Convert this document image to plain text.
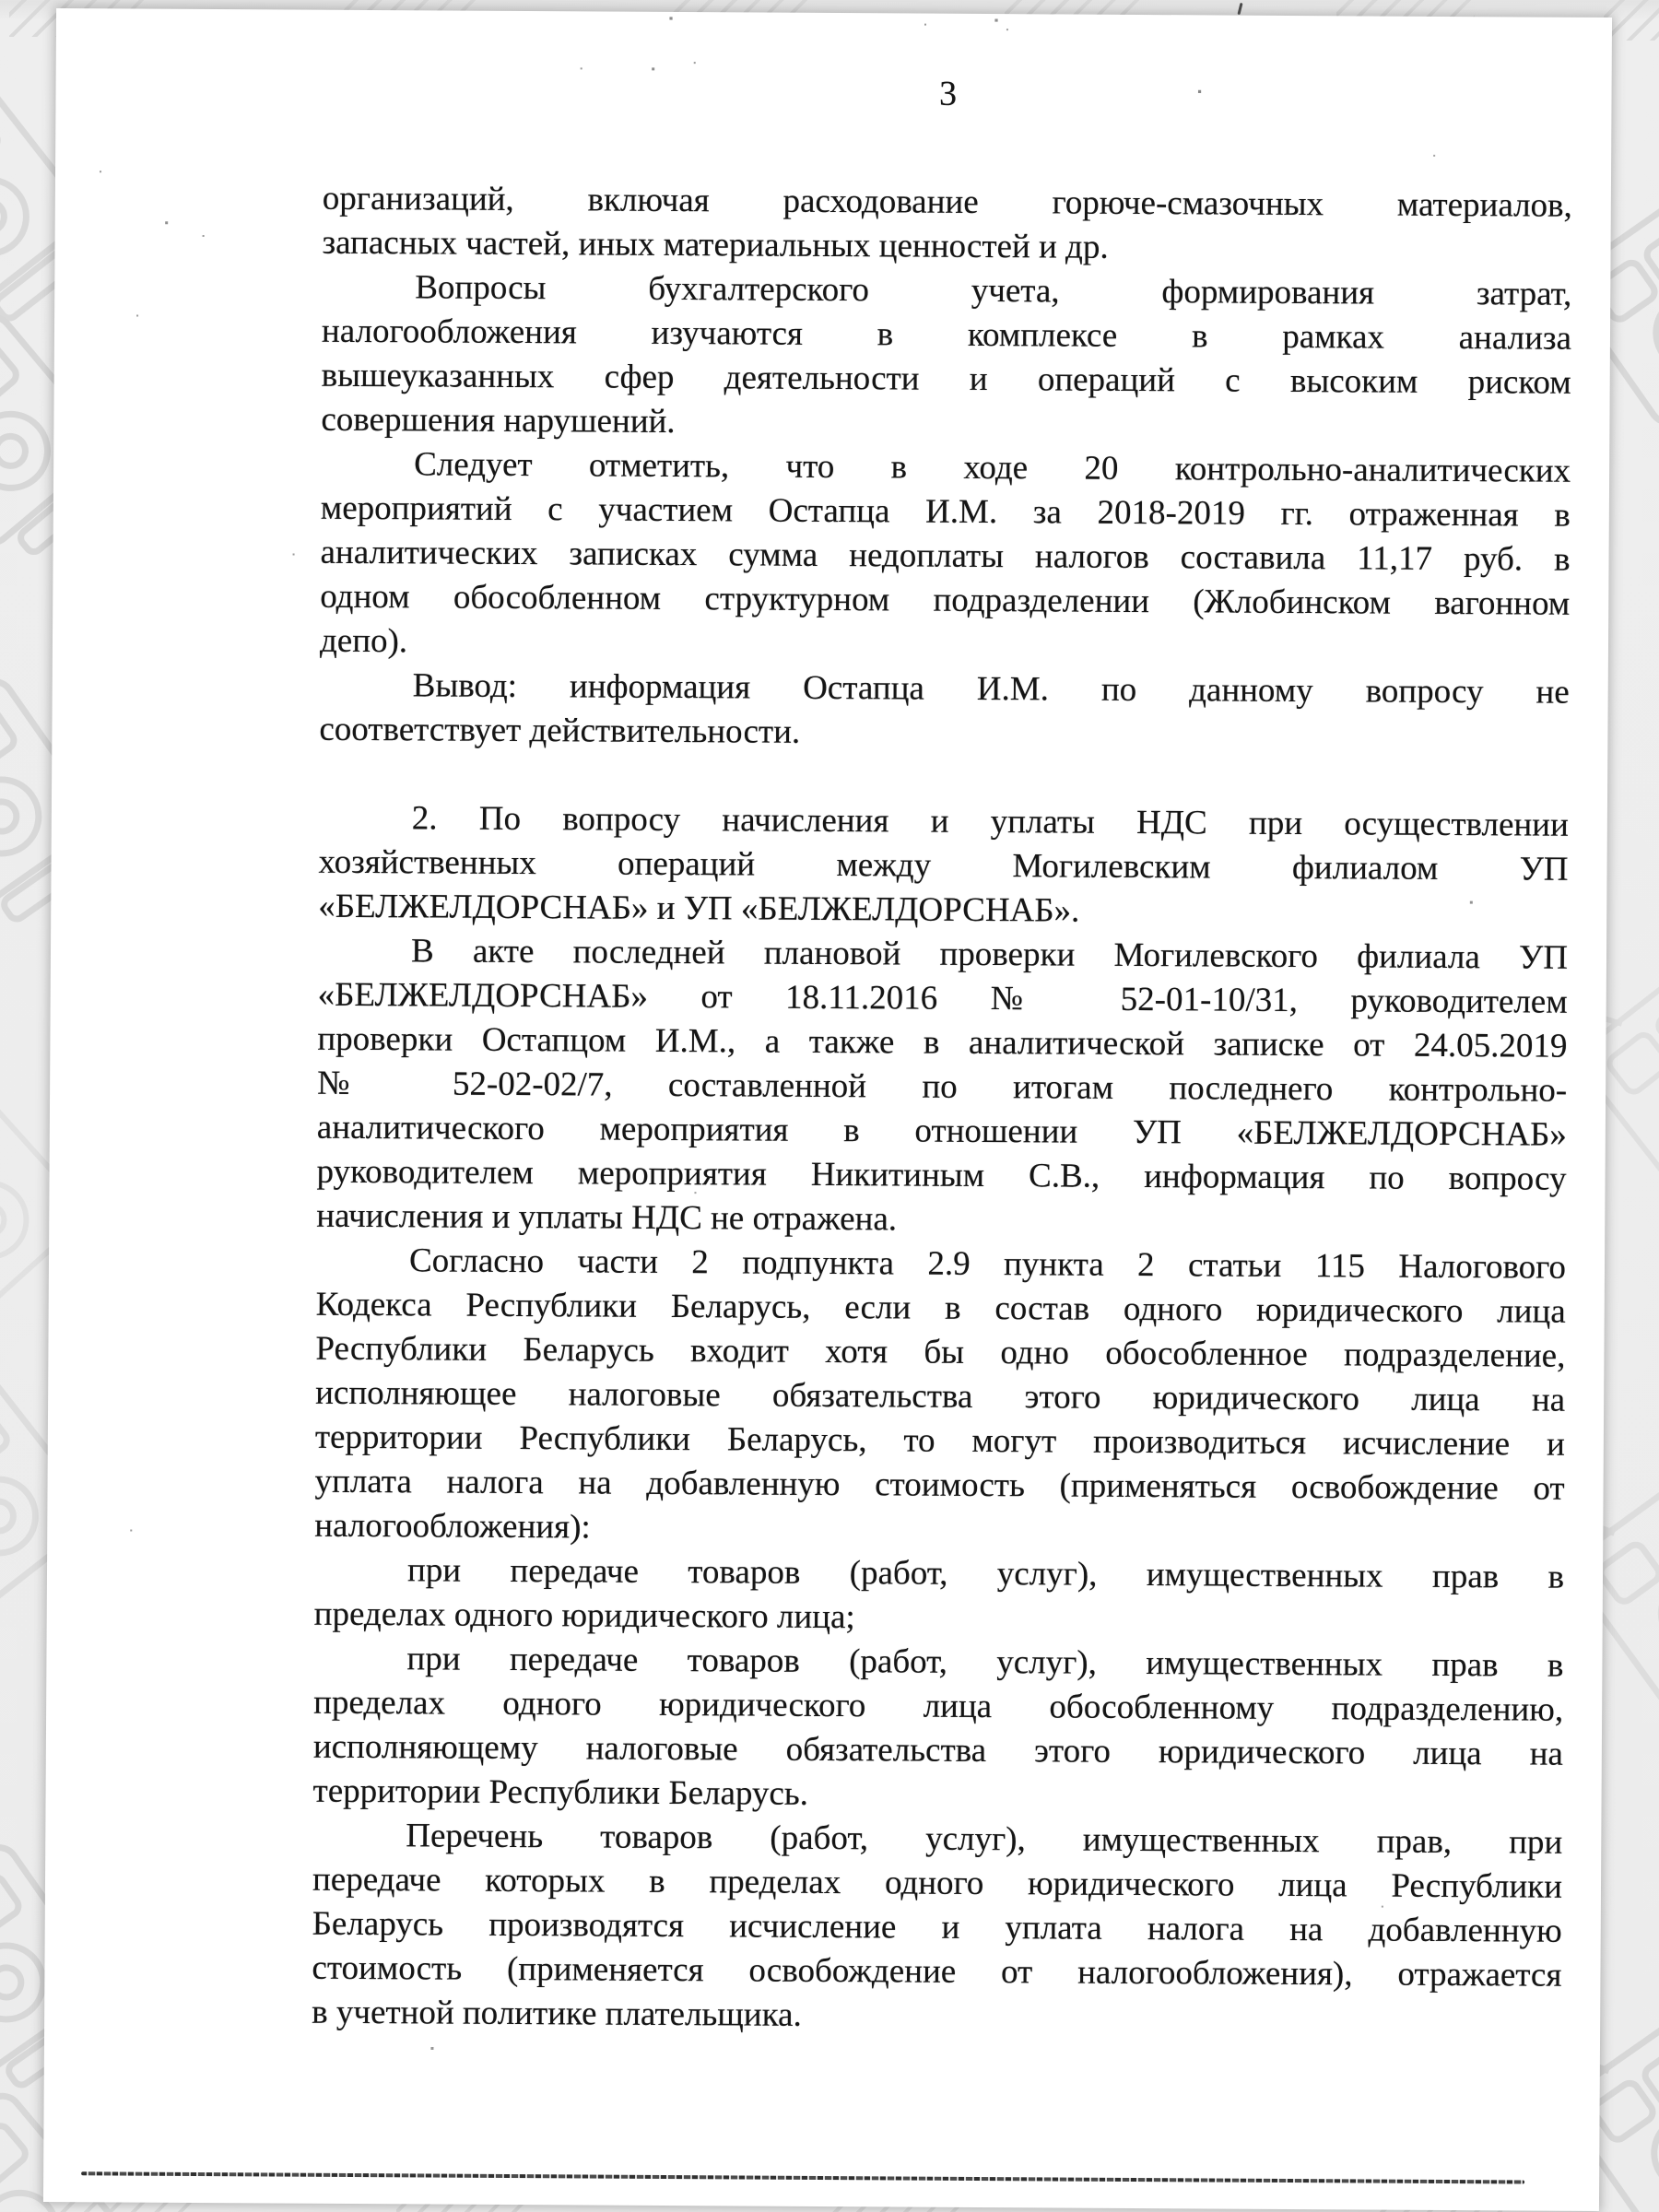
3
организаций, включая расходование горюче-смазочных материалов,
запасных частей, иных материальных ценностей и др.
Вопросы бухгалтерского учета, формирования затрат,
налогообложения изучаются в комплексе в рамках анализа
вышеуказанных сфер деятельности и операций с высоким риском
совершения нарушений.
Следует отметить, что в ходе 20 контрольно-аналитических
мероприятий с участием Остапца И.М. за 2018-2019 гг. отраженная в
аналитических записках сумма недоплаты налогов составила 11,17 руб. в
одном обособленном структурном подразделении (Жлобинском вагонном
депо).
Вывод: информация Остапца И.М. по данному вопросу не
соответствует действительности.
2. По вопросу начисления и уплаты НДС при осуществлении
хозяйственных операций между Могилевским филиалом УП
«БЕЛЖЕЛДОРСНАБ» и УП «БЕЛЖЕЛДОРСНАБ».
В акте последней плановой проверки Могилевского филиала УП
«БЕЛЖЕЛДОРСНАБ» от 18.11.2016 № 52-01-10/31, руководителем
проверки Остапцом И.М., а также в аналитической записке от 24.05.2019
№ 52-02-02/7, составленной по итогам последнего контрольно-
аналитического мероприятия в отношении УП «БЕЛЖЕЛДОРСНАБ»
руководителем мероприятия Никитиным С.В., информация по вопросу
начисления и уплаты НДС не отражена.
Согласно части 2 подпункта 2.9 пункта 2 статьи 115 Налогового
Кодекса Республики Беларусь, если в состав одного юридического лица
Республики Беларусь входит хотя бы одно обособленное подразделение,
исполняющее налоговые обязательства этого юридического лица на
территории Республики Беларусь, то могут производиться исчисление и
уплата налога на добавленную стоимость (применяться освобождение от
налогообложения):
при передаче товаров (работ, услуг), имущественных прав в
пределах одного юридического лица;
при передаче товаров (работ, услуг), имущественных прав в
пределах одного юридического лица обособленному подразделению,
исполняющему налоговые обязательства этого юридического лица на
территории Республики Беларусь.
Перечень товаров (работ, услуг), имущественных прав, при
передаче которых в пределах одного юридического лица Республики
Беларусь производятся исчисление и уплата налога на добавленную
стоимость (применяется освобождение от налогообложения), отражается
в учетной политике плательщика.
